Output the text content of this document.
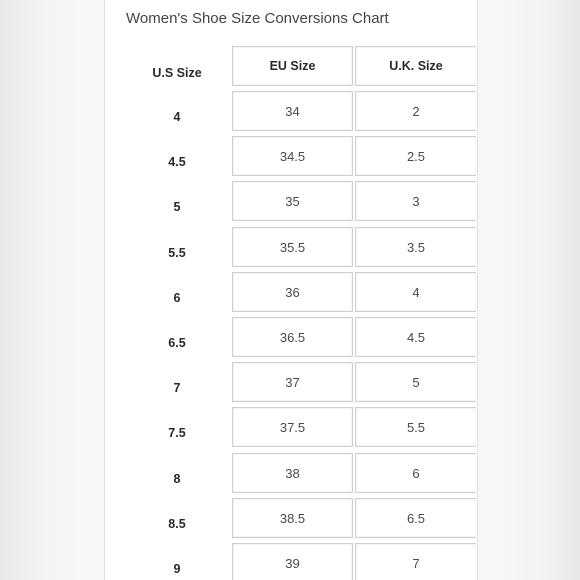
Women's Shoe Size Conversions Chart
U.S Size	EU Size	U.K. Size
4	34	2
4.5	34.5	2.5
5	35	3
5.5	35.5	3.5
6	36	4
6.5	36.5	4.5
7	37	5
7.5	37.5	5.5
8	38	6
8.5	38.5	6.5
9	39	7
